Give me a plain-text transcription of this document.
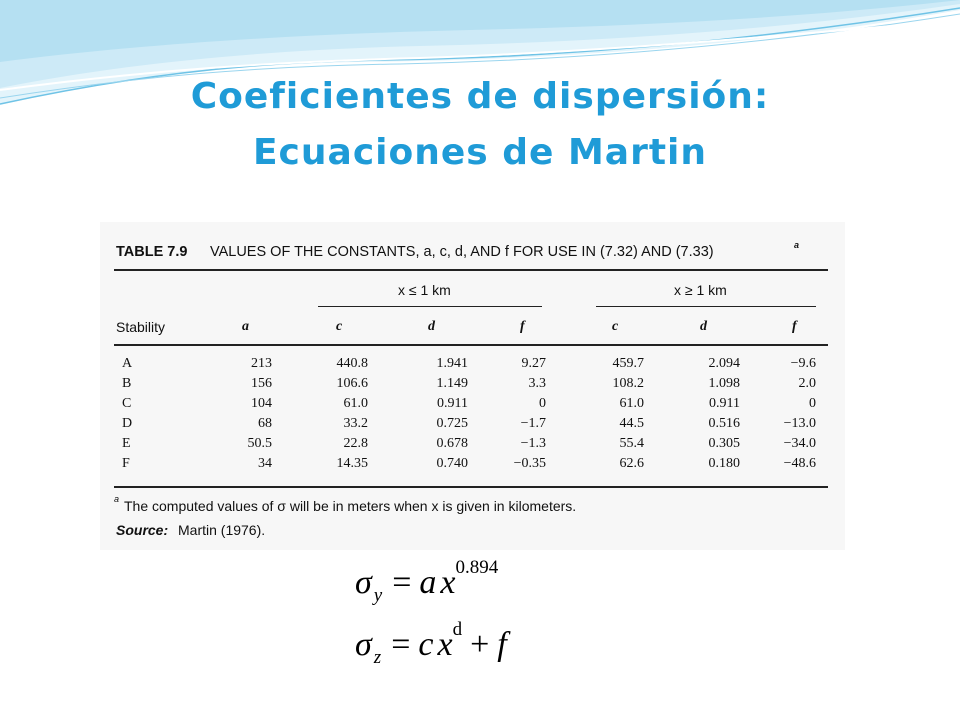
Coeficientes de dispersión:
Ecuaciones de Martin
TABLE 7.9 VALUES OF THE CONSTANTS, a, c, d, AND f FOR USE IN (7.32) AND (7.33)	a
x ≤ 1 km	x ≥ 1 km
Stability	a	c	d	f	c	d	f
A	213	440.8	1.941	9.27	459.7	2.094	−9.6
B	156	106.6	1.149	3.3	108.2	1.098	2.0
C	104	61.0	0.911	0	61.0	0.911	0
D	68	33.2	0.725	−1.7	44.5	0.516	−13.0
E	50.5	22.8	0.678	−1.3	55.4	0.305	−34.0
F	34	14.35	0.740	−0.35	62.6	0.180	−48.6
a The computed values of σ will be in meters when x is given in kilometers.
Source: Martin (1976).
σy = a x0.894
σz = c xd + f
